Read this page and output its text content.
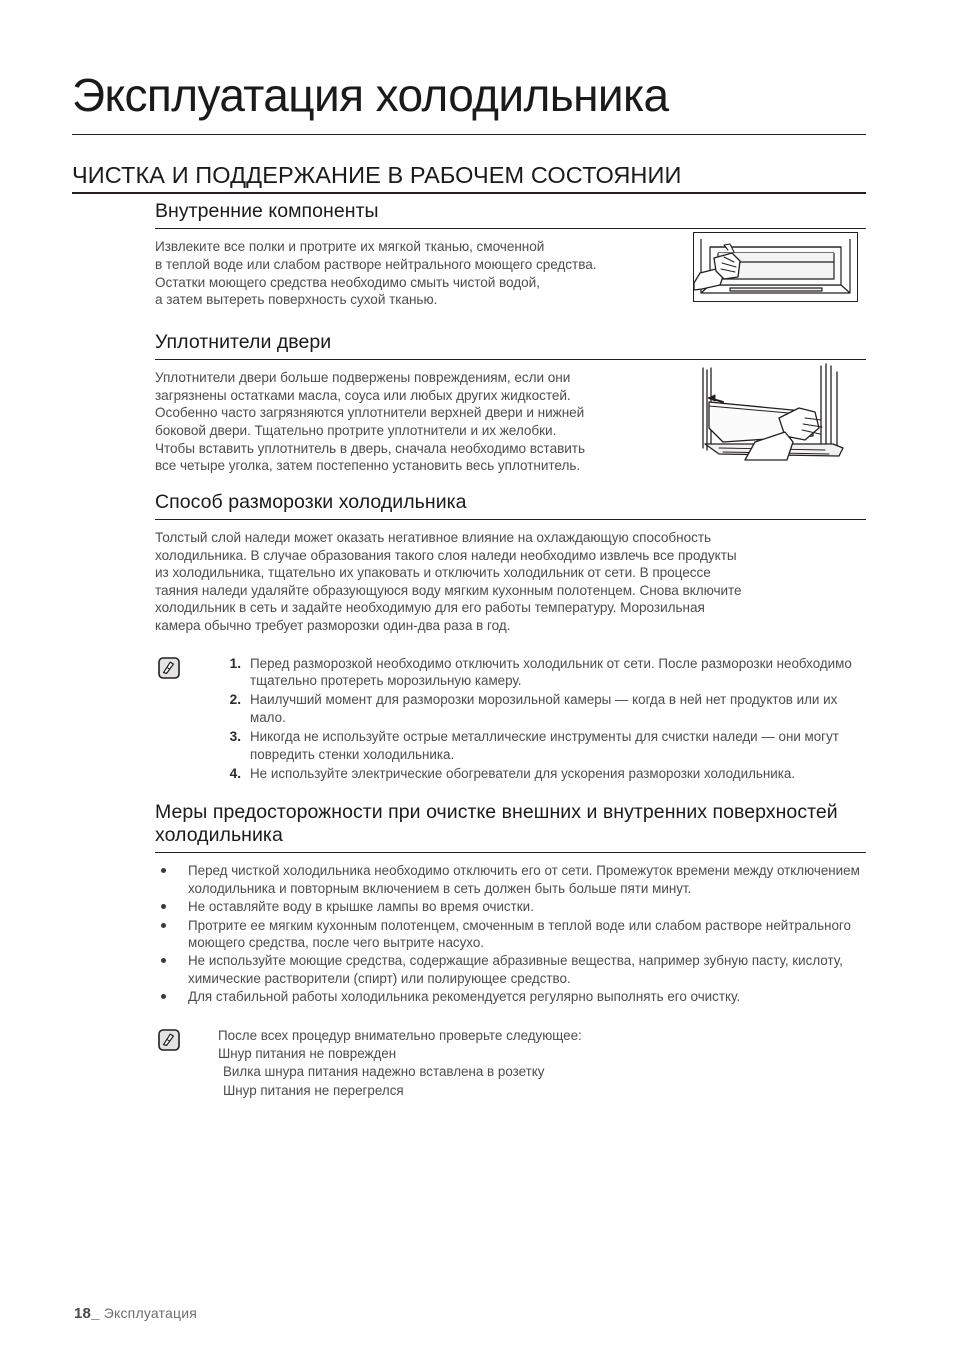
Эксплуатация холодильника
ЧИСТКА И ПОДДЕРЖАНИЕ В РАБОЧЕМ СОСТОЯНИИ
Внутренние компоненты

Извлеките все полки и протрите их мягкой тканью, смоченной

в теплой воде или слабом растворе нейтрального моющего средства.

Остатки моющего средства необходимо смыть чистой водой,

а затем вытереть поверхность сухой тканью.

Уплотнители двери

Уплотнители двери больше подвержены повреждениям, если они

загрязнены остатками масла, соуса или любых других жидкостей.

Особенно часто загрязняются уплотнители верхней двери и нижней

боковой двери. Тщательно протрите уплотнители и их желобки.

Чтобы вставить уплотнитель в дверь, сначала необходимо вставить

все четыре уголка, затем постепенно установить весь уплотнитель.

Способ разморозки холодильника

Толстый слой наледи может оказать негативное влияние на охлаждающую способность

холодильника. В случае образования такого слоя наледи необходимо извлечь все продукты

из холодильника, тщательно их упаковать и отключить холодильник от сети. В процессе

таяния наледи удаляйте образующуюся воду мягким кухонным полотенцем. Снова включите

холодильник в сеть и задайте необходимую для его работы температуру. Морозильная

камера обычно требует разморозки один-два раза в год.

1. Перед разморозкой необходимо отключить холодильник от сети. После разморозки необходимо тщательно протереть морозильную камеру.
2. Наилучший момент для разморозки морозильной камеры — когда в ней нет продуктов или их мало.
3. Никогда не используйте острые металлические инструменты для счистки наледи — они могут повредить стенки холодильника.
4. Не используйте электрические обогреватели для ускорения разморозки холодильника.
Меры предосторожности при очистке внешних и внутренних поверхностей холодильника
Перед чисткой холодильника необходимо отключить его от сети. Промежуток времени между отключением холодильника и повторным включением в сеть должен быть больше пяти минут.
Не оставляйте воду в крышке лампы во время очистки.
Протрите ее мягким кухонным полотенцем, смоченным в теплой воде или слабом растворе нейтрального моющего средства, после чего вытрите насухо.
Не используйте моющие средства, содержащие абразивные вещества, например зубную пасту, кислоту, химические растворители (спирт) или полирующее средство.
Для стабильной работы холодильника рекомендуется регулярно выполнять его очистку.

После всех процедур внимательно проверьте следующее:

Шнур питания не поврежден

Вилка шнура питания надежно вставлена в розетку

Шнур питания не перегрелся

18_ Эксплуатация
